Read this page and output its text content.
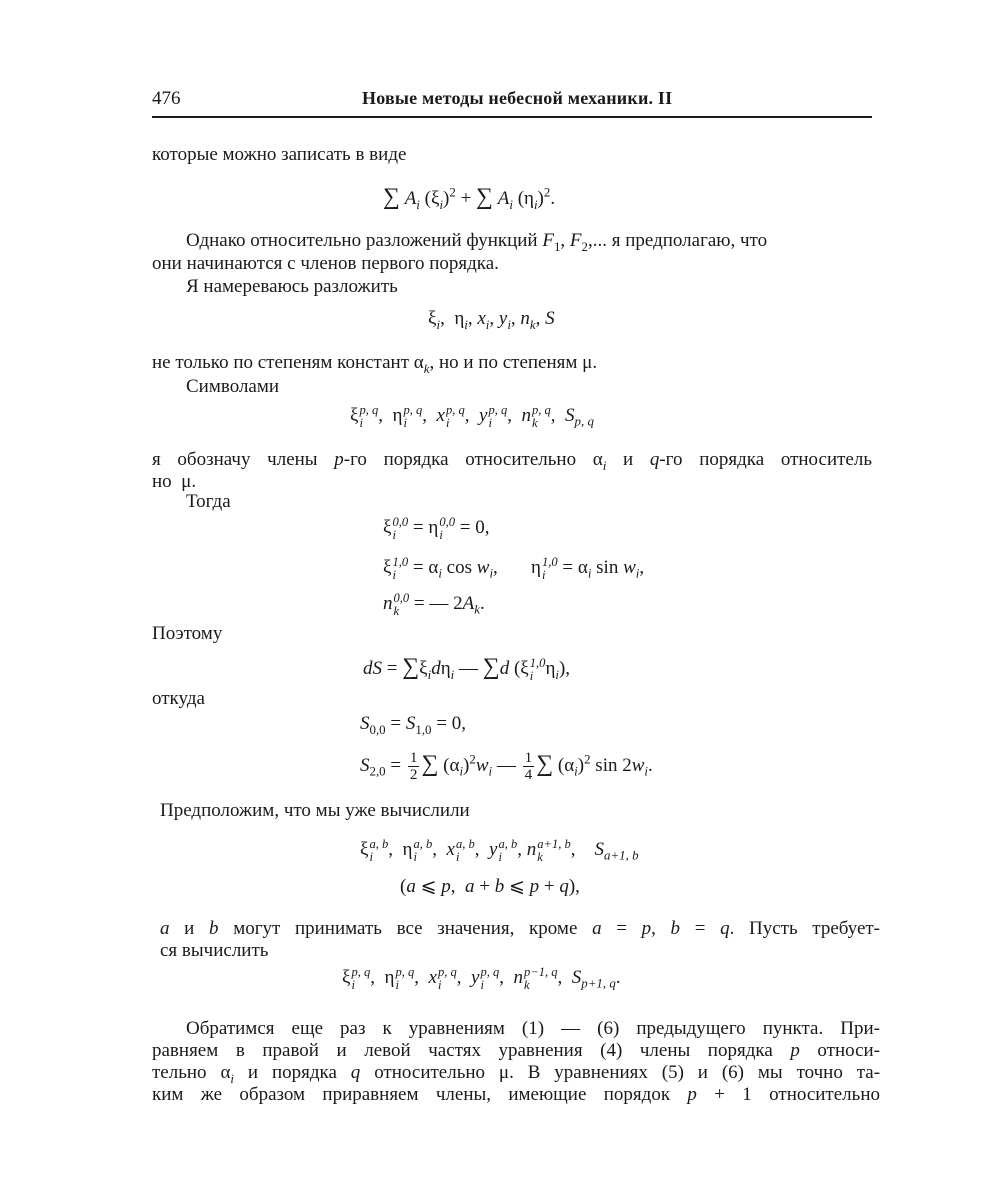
476	Новые методы небесной механики. II
которые можно записать в виде
∑ $A_i$ $(\xi_i)^2$ + ∑ $A_i$ $(\eta_i)^2$.
Однако относительно разложений функций $F_1$, $F_2$,... я предполагаю, что
они начинаются с членов первого порядка.
Я намереваюсь разложить
$\xi_i$,  $\eta_i$, $x_i$, $y_i$, $n_k$, S
не только по степеням констант $\alpha_k$, но и по степеням μ.
Символами
ξ p, q
i ,  η p, q
i ,  x p, q
i ,  y p, q
i ,  n p, q
k ,  $S_{p, q}$
я обозначу члены p-го порядка относительно $\alpha_i$ и q-го порядка относитель
но  μ.
Тогда
ξ 0,0
i = η 0,0
i = 0,
ξ 1,0
$i = \alpha_i$ $\cos w_i$,       η 1,0
$i = \alpha_i$ $\sin w_i$,
n 0,0
k = — $2A_k$.
Поэтому
dS = $\sum\xi_id\eta_i$ — ∑d (ξ 1,0
i $\eta_i$),
откуда
$S_{0,0} = S_{1,0} = 0$,
$S_{2,0} = \frac{1}{2}$ ∑ $(\alpha_i)^2w_i$ — $\frac{1}{4}$ ∑ $(\alpha_i)^2$ $\sin 2w_i$.
Предположим, что мы уже вычислили
ξ a, b
i ,  η a, b
i ,  x a, b
i ,  y a, b
i , n a+1, b
k	,    $S_{a+1, b}$
(a ⩽ p,  a + b ⩽ p + q),
a и b могут принимать все значения, кроме a = p, b = q. Пусть требует-
ся вычислить
ξ p, q
i ,  η p, q
i ,  x p, q
i ,  y p, q
i ,  n p−1, q
k	,  $S_{p+1, q}$.
Обратимся еще раз к уравнениям (1) — (6) предыдущего пункта. При-
равняем в правой и левой частях уравнения (4) члены порядка p относи-
тельно $\alpha_i$ и порядка q относительно μ. В уравнениях (5) и (6) мы точно та-
ким же образом приравняем члены, имеющие порядок p + 1 относительно
